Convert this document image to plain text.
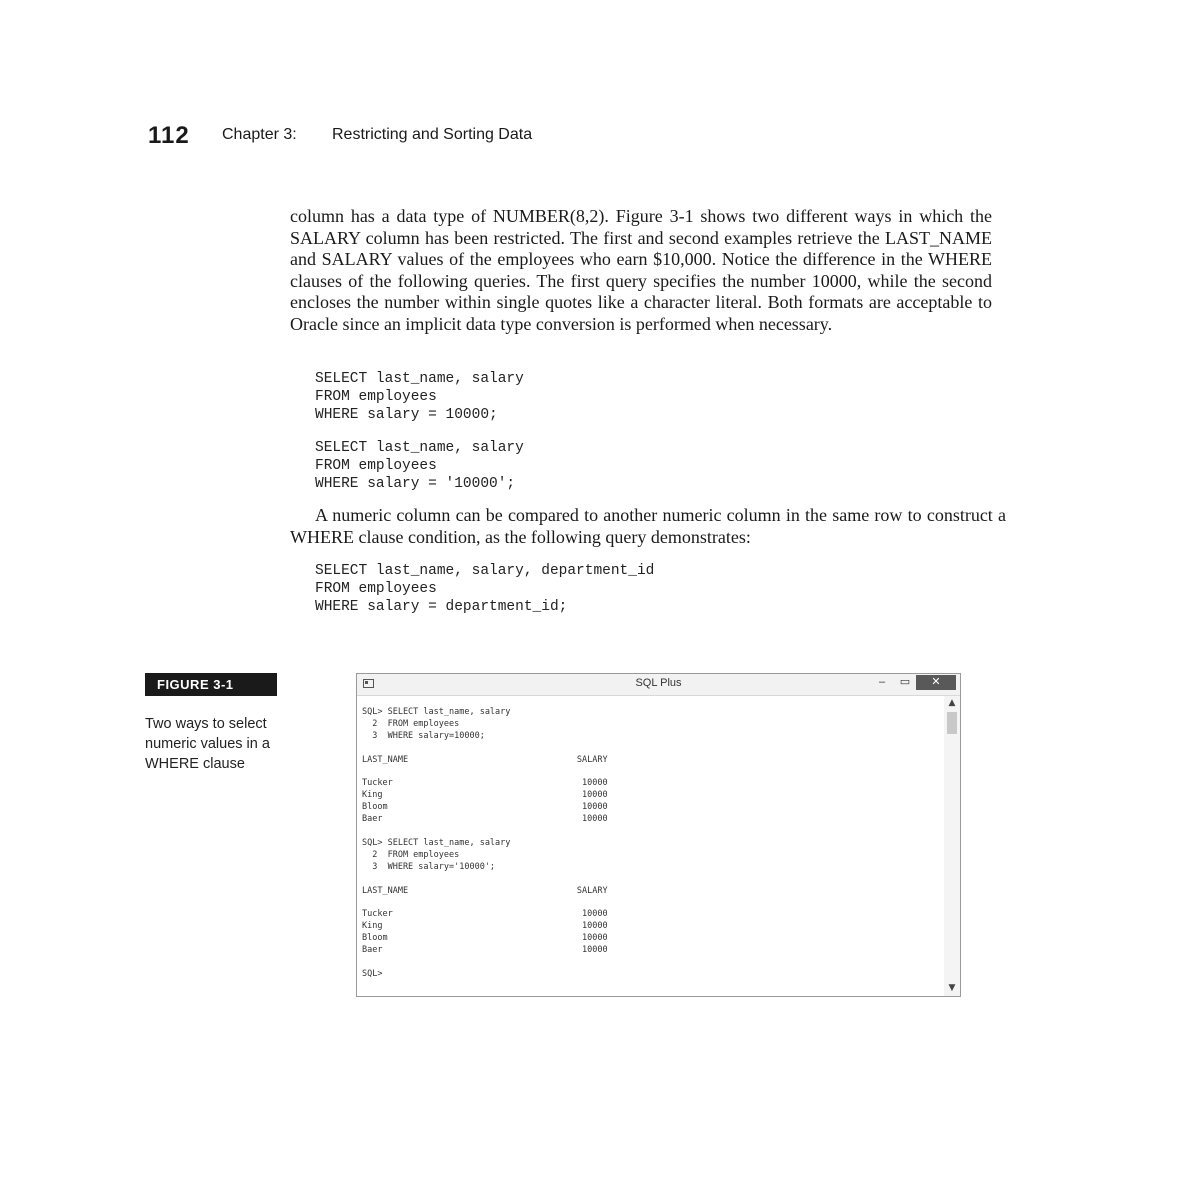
112 Chapter 3: Restricting and Sorting Data

column has a data type of NUMBER(8,2). Figure 3-1 shows two different ways in which the SALARY column has been restricted. The first and second examples retrieve the LAST_NAME and SALARY values of the employees who earn $10,000. Notice the difference in the WHERE clauses of the following queries. The first query specifies the number 10000, while the second encloses the number within single quotes like a character literal. Both formats are acceptable to Oracle since an implicit data type conversion is performed when necessary.

SELECT last_name, salary
FROM employees
WHERE salary = 10000;
SELECT last_name, salary
FROM employees
WHERE salary = '10000';

A numeric column can be compared to another numeric column in the same row to construct a WHERE clause condition, as the following query demonstrates:

SELECT last_name, salary, department_id
FROM employees
WHERE salary = department_id;
FIGURE 3-1
Two ways to select numeric values in a WHERE clause
SQL Plus	–	▭	✕
SQL> SELECT last_name, salary
2  FROM employees
3  WHERE salary=10000;

LAST_NAME                                 SALARY

Tucker                                     10000
King                                       10000
Bloom                                      10000
Baer                                       10000

SQL> SELECT last_name, salary
2  FROM employees
3  WHERE salary='10000';

LAST_NAME                                 SALARY

Tucker                                     10000
King                                       10000
Bloom                                      10000
Baer                                       10000

SQL>
▲
▼
